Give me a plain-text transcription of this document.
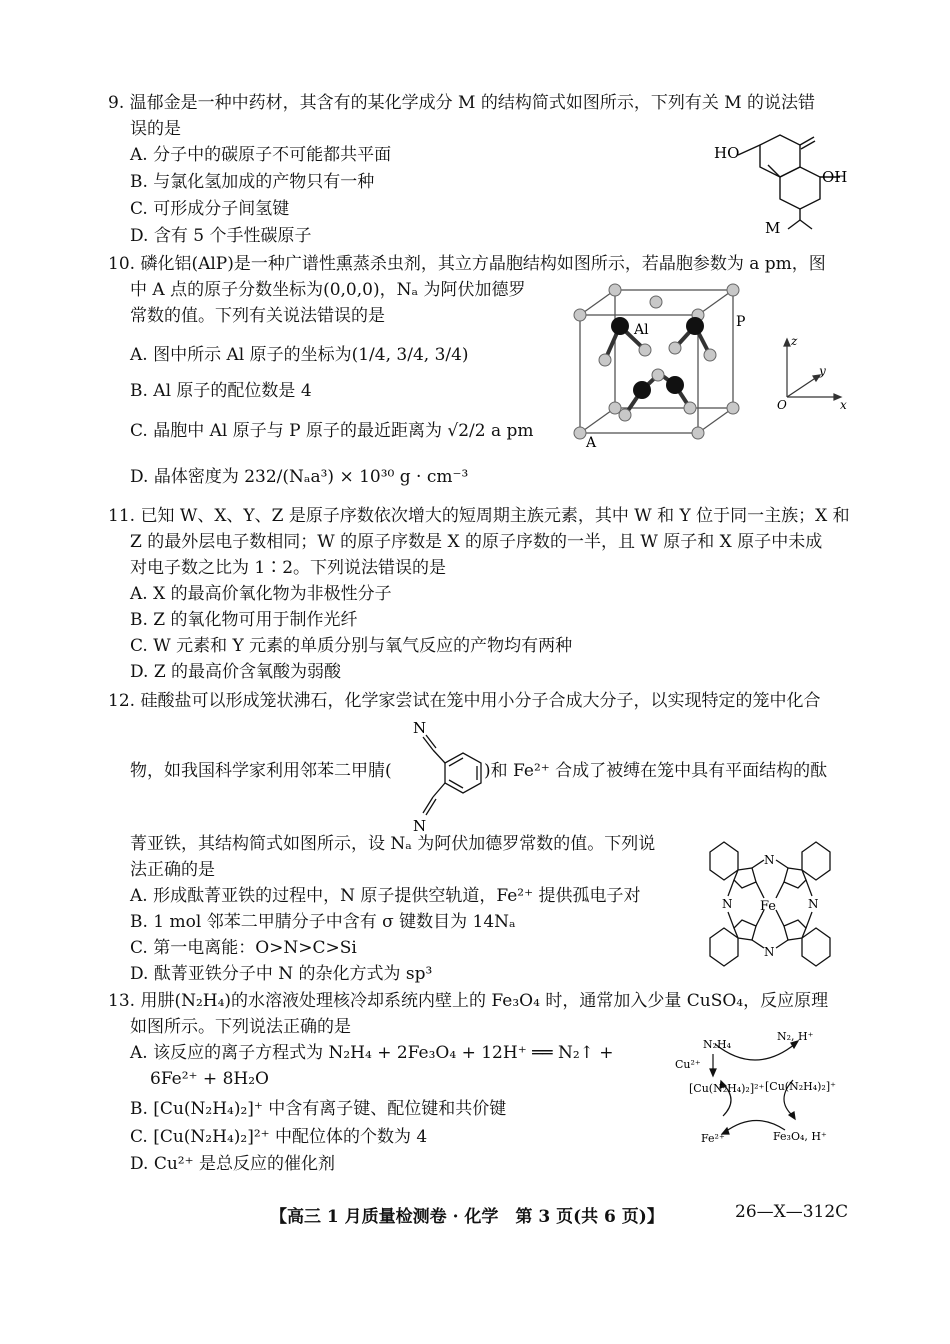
9. 温郁金是一种中药材，其含有的某化学成分 M 的结构简式如图所示，下列有关 M 的说法错
误的是
A. 分子中的碳原子不可能都共平面
B. 与氯化氢加成的产物只有一种
C. 可形成分子间氢键
D. 含有 5 个手性碳原子
HO
OH
M
10. 磷化铝(AlP)是一种广谱性熏蒸杀虫剂，其立方晶胞结构如图所示，若晶胞参数为 a pm，图
中 A 点的原子分数坐标为(0,0,0)，Nₐ 为阿伏加德罗
常数的值。下列有关说法错误的是
A. 图中所示 Al 原子的坐标为(1/4, 3/4, 3/4)
B. Al 原子的配位数是 4
C. 晶胞中 Al 原子与 P 原子的最近距离为 √2/2 a pm
D. 晶体密度为 232/(Nₐa³) × 10³⁰ g · cm⁻³
Al	P
A
z
y
x
O
11. 已知 W、X、Y、Z 是原子序数依次增大的短周期主族元素，其中 W 和 Y 位于同一主族；X 和
Z 的最外层电子数相同；W 的原子序数是 X 的原子序数的一半，且 W 原子和 X 原子中未成
对电子数之比为 1∶2。下列说法错误的是
A. X 的最高价氧化物为非极性分子
B. Z 的氧化物可用于制作光纤
C. W 元素和 Y 元素的单质分别与氧气反应的产物均有两种
D. Z 的最高价含氧酸为弱酸
12. 硅酸盐可以形成笼状沸石，化学家尝试在笼中用小分子合成大分子，以实现特定的笼中化合
N
N
物，如我国科学家利用邻苯二甲腈(	)和 Fe²⁺ 合成了被缚在笼中具有平面结构的酞
菁亚铁，其结构简式如图所示，设 Nₐ 为阿伏加德罗常数的值。下列说
法正确的是
A. 形成酞菁亚铁的过程中，N 原子提供空轨道，Fe²⁺ 提供孤电子对
B. 1 mol 邻苯二甲腈分子中含有 σ 键数目为 14Nₐ
C. 第一电离能：O>N>C>Si
D. 酞菁亚铁分子中 N 的杂化方式为 sp³
N
N
N	N
Fe
13. 用肼(N₂H₄)的水溶液处理核冷却系统内壁上的 Fe₃O₄ 时，通常加入少量 CuSO₄，反应原理
如图所示。下列说法正确的是
A. 该反应的离子方程式为 N₂H₄ + 2Fe₃O₄ + 12H⁺ ══ N₂↑ +
6Fe²⁺ + 8H₂O
B. [Cu(N₂H₄)₂]⁺ 中含有离子键、配位键和共价键
C. [Cu(N₂H₄)₂]²⁺ 中配位体的个数为 4
D. Cu²⁺ 是总反应的催化剂
N₂H₄
N₂, H⁺
Cu²⁺
[Cu(N₂H₄)₂]²⁺ [Cu(N₂H₄)₂]⁺
Fe²⁺	Fe₃O₄, H⁺
【高三 1 月质量检测卷 · 化学　第 3 页(共 6 页)】	26—X—312C
